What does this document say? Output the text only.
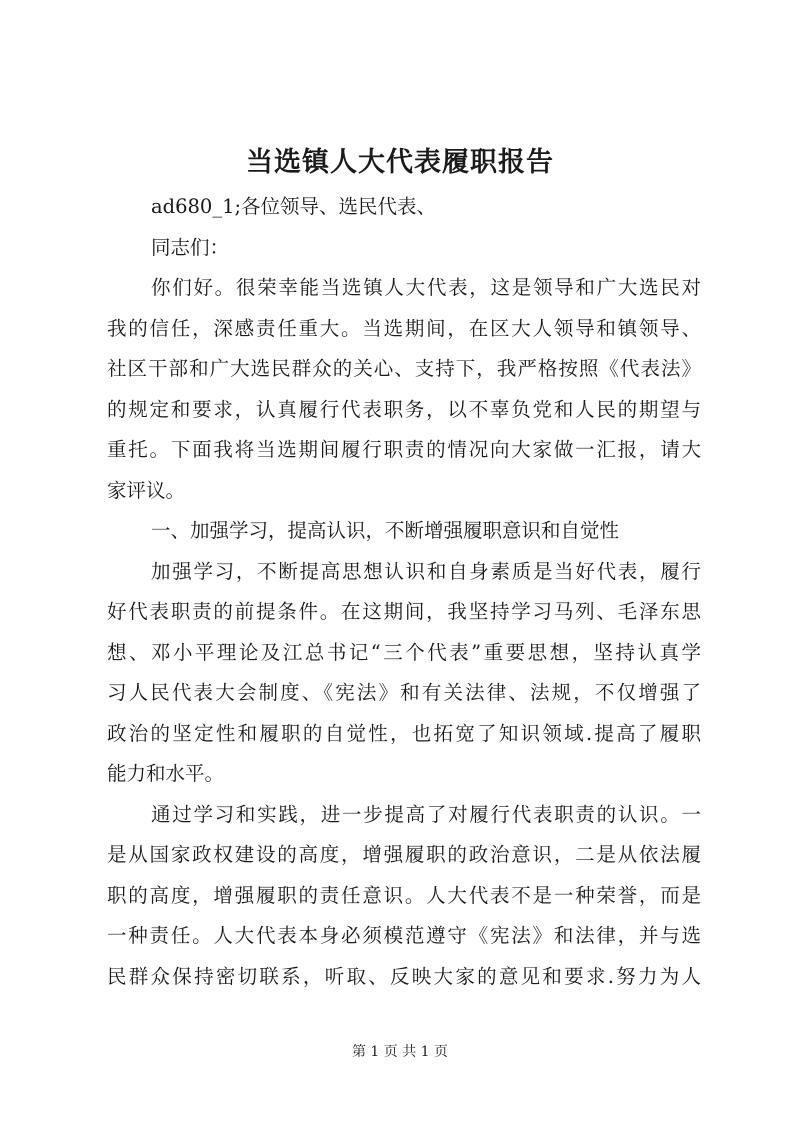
当选镇人大代表履职报告
ad680_1;各位领导、选民代表、
同志们：
你们好。很荣幸能当选镇人大代表，这是领导和广大选民对
我的信任，深感责任重大。当选期间，在区大人领导和镇领导、
社区干部和广大选民群众的关心、支持下，我严格按照《代表法》
的规定和要求，认真履行代表职务，以不辜负党和人民的期望与
重托。下面我将当选期间履行职责的情况向大家做一汇报，请大
家评议。
一、加强学习，提高认识，不断增强履职意识和自觉性
加强学习，不断提高思想认识和自身素质是当好代表，履行
好代表职责的前提条件。在这期间，我坚持学习马列、毛泽东思
想、邓小平理论及江总书记“三个代表”重要思想，坚持认真学
习人民代表大会制度、《宪法》和有关法律、法规，不仅增强了
政治的坚定性和履职的自觉性，也拓宽了知识领域.提高了履职
能力和水平。
通过学习和实践，进一步提高了对履行代表职责的认识。一
是从国家政权建设的高度，增强履职的政治意识，二是从依法履
职的高度，增强履职的责任意识。人大代表不是一种荣誉，而是
一种责任。人大代表本身必须模范遵守《宪法》和法律，并与选
民群众保持密切联系，听取、反映大家的意见和要求.努力为人
第 1 页 共 1 页
